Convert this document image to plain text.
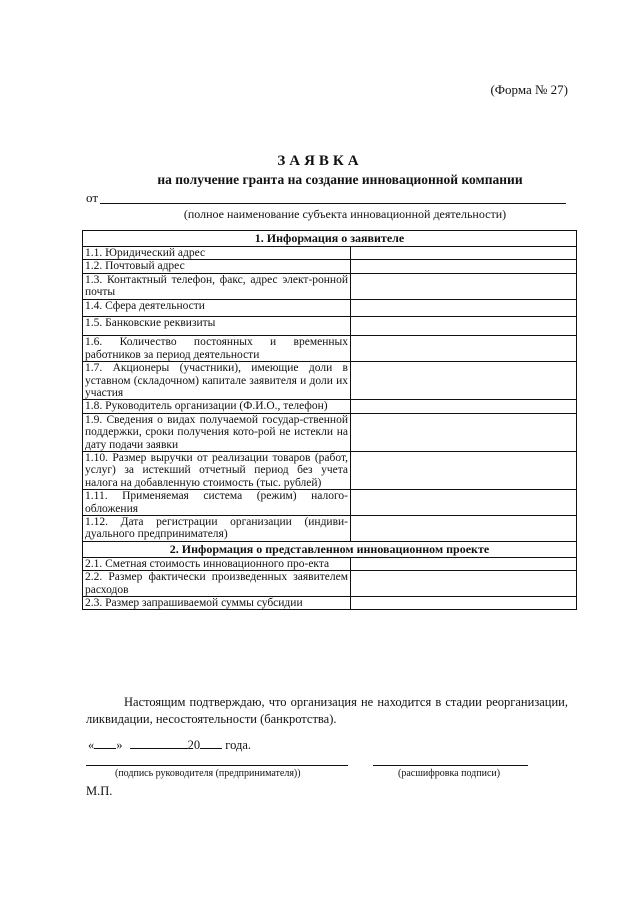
(Форма № 27)
ЗАЯВКА
на получение гранта на создание инновационной компании
от
(полное наименование субъекта инновационной деятельности)
1. Информация о заявителе	
1.1. Юридический адрес	
1.2. Почтовый адрес	
1.3. Контактный телефон, факс, адрес элект-ронной почты	
1.4. Сфера деятельности	
1.5. Банковские реквизиты	
1.6. Количество постоянных и временных работников за период деятельности	
1.7. Акционеры (участники), имеющие доли в уставном (складочном) капитале заявителя и доли их участия	
1.8. Руководитель организации (Ф.И.О., телефон)	
1.9. Сведения о видах получаемой государ-ственной поддержки, сроки получения кото-рой не истекли на дату подачи заявки	
1.10. Размер выручки от реализации товаров (работ, услуг) за истекший отчетный период без учета налога на добавленную стоимость (тыс. рублей)	
1.11. Применяемая система (режим) налого-обложения	
1.12. Дата регистрации организации (индиви-дуального предпринимателя)	
2. Информация о представленном инновационном проекте	
2.1. Сметная стоимость инновационного про-екта	
2.2. Размер фактически произведенных заявителем расходов	
2.3. Размер запрашиваемой суммы субсидии	
Настоящим подтверждаю, что организация не находится в стадии реорганизации, ликвидации, несостоятельности (банкротства).
« »	20 года.
(подпись руководителя (предпринимателя))	(расшифровка подписи)
М.П.
